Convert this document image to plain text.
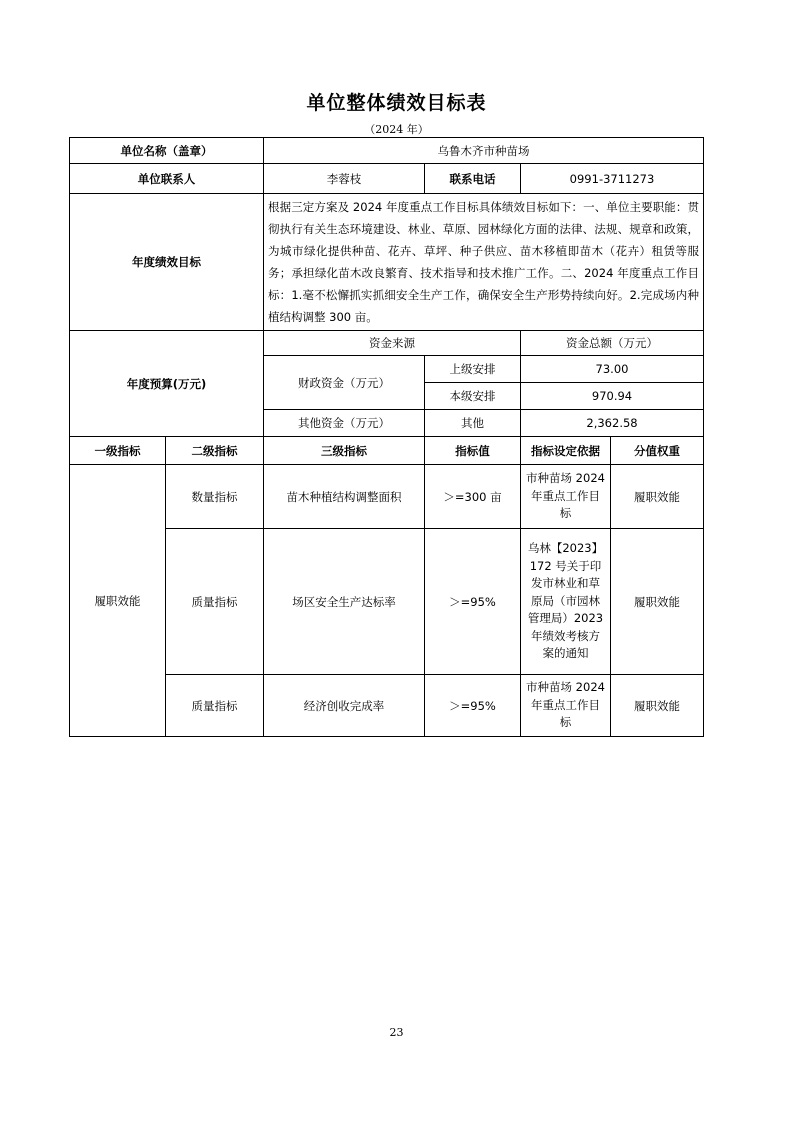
单位整体绩效目标表
（2024 年）
单位名称（盖章）		乌鲁木齐市种苗场			
单位联系人		李蓉枝	联系电话	0991-3711273	
年度绩效目标		根据三定方案及 2024 年度重点工作目标具体绩效目标如下：一、单位主要职能：贯彻执行有关生态环境建设、林业、草原、园林绿化方面的法律、法规、规章和政策，为城市绿化提供种苗、花卉、草坪、种子供应、苗木移植即苗木（花卉）租赁等服务；承担绿化苗木改良繁育、技术指导和技术推广工作。二、2024 年度重点工作目标：1.毫不松懈抓实抓细安全生产工作，确保安全生产形势持续向好。2.完成场内种植结构调整 300 亩。			
年度预算(万元)		资金来源		资金总额（万元）	
		财政资金（万元）	上级安排	73.00	
			本级安排	970.94	
		其他资金（万元）	其他	2,362.58	
一级指标	二级指标	三级指标	指标值	指标设定依据	分值权重
履职效能	数量指标	苗木种植结构调整面积	＞=300 亩	市种苗场 2024 年重点工作目标	履职效能
	质量指标	场区安全生产达标率	＞=95%	乌林【2023】172 号关于印发市林业和草原局（市园林管理局）2023 年绩效考核方案的通知	履职效能
	质量指标	经济创收完成率	＞=95%	市种苗场 2024 年重点工作目标	履职效能
23
